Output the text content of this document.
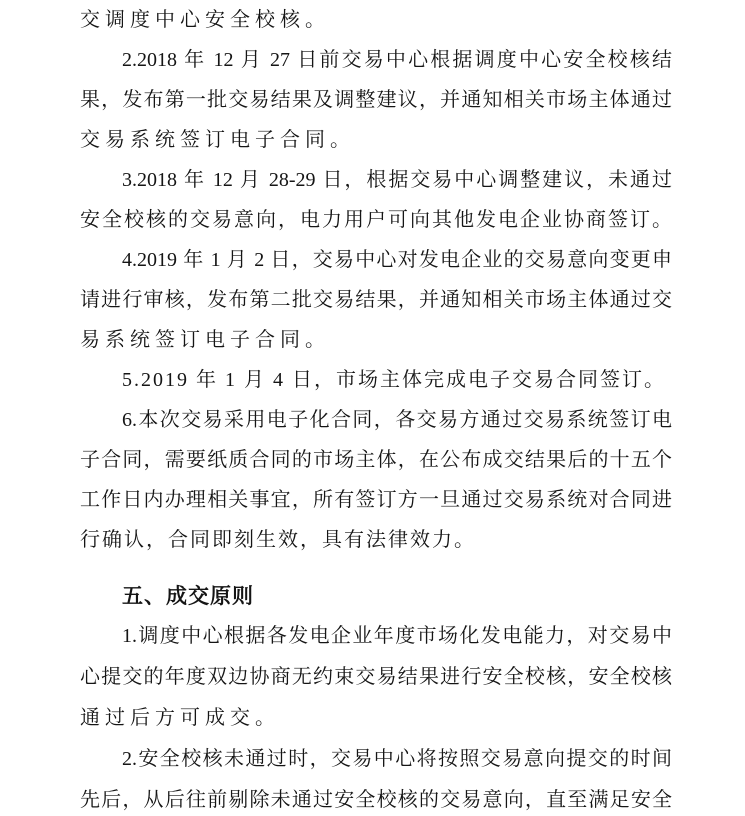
交调度中心安全校核。
2.2018 年 12 月 27 日前交易中心根据调度中心安全校核结
果，发布第一批交易结果及调整建议，并通知相关市场主体通过
交易系统签订电子合同。
3.2018 年 12 月 28-29 日，根据交易中心调整建议，未通过
安全校核的交易意向，电力用户可向其他发电企业协商签订。
4.2019 年 1 月 2 日，交易中心对发电企业的交易意向变更申
请进行审核，发布第二批交易结果，并通知相关市场主体通过交
易系统签订电子合同。
5.2019 年 1 月 4 日，市场主体完成电子交易合同签订。
6.本次交易采用电子化合同，各交易方通过交易系统签订电
子合同，需要纸质合同的市场主体，在公布成交结果后的十五个
工作日内办理相关事宜，所有签订方一旦通过交易系统对合同进
行确认，合同即刻生效，具有法律效力。
五、成交原则
1.调度中心根据各发电企业年度市场化发电能力，对交易中
心提交的年度双边协商无约束交易结果进行安全校核，安全校核
通过后方可成交。
2.安全校核未通过时，交易中心将按照交易意向提交的时间
先后，从后往前剔除未通过安全校核的交易意向，直至满足安全
